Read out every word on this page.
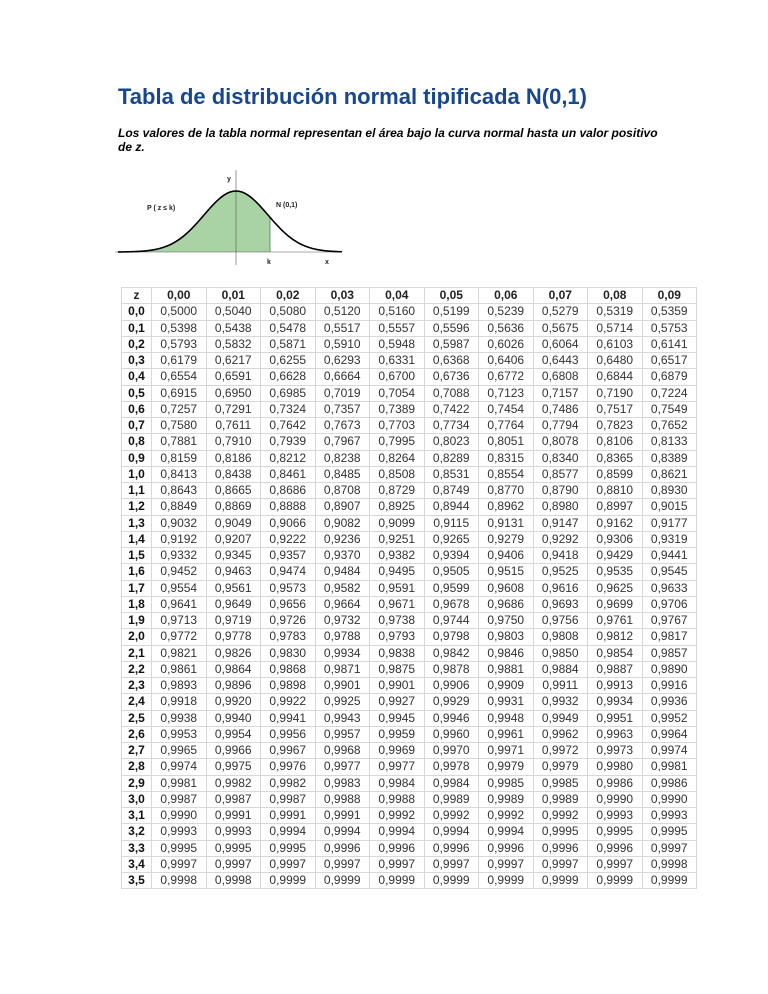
Tabla de distribución normal tipificada N(0,1)
Los valores de la tabla normal representan el área bajo la curva normal hasta un valor positivo de z.
y
P ( z ≤ k)	N (0,1)
k	x
z	0,00	0,01	0,02	0,03	0,04	0,05	0,06	0,07	0,08	0,09
0,0	0,5000	0,5040	0,5080	0,5120	0,5160	0,5199	0,5239	0,5279	0,5319	0,5359
0,1	0,5398	0,5438	0,5478	0,5517	0,5557	0,5596	0,5636	0,5675	0,5714	0,5753
0,2	0,5793	0,5832	0,5871	0,5910	0,5948	0,5987	0,6026	0,6064	0,6103	0,6141
0,3	0,6179	0,6217	0,6255	0,6293	0,6331	0,6368	0,6406	0,6443	0,6480	0,6517
0,4	0,6554	0,6591	0,6628	0,6664	0,6700	0,6736	0,6772	0,6808	0,6844	0,6879
0,5	0,6915	0,6950	0,6985	0,7019	0,7054	0,7088	0,7123	0,7157	0,7190	0,7224
0,6	0,7257	0,7291	0,7324	0,7357	0,7389	0,7422	0,7454	0,7486	0,7517	0,7549
0,7	0,7580	0,7611	0,7642	0,7673	0,7703	0,7734	0,7764	0,7794	0,7823	0,7652
0,8	0,7881	0,7910	0,7939	0,7967	0,7995	0,8023	0,8051	0,8078	0,8106	0,8133
0,9	0,8159	0,8186	0,8212	0,8238	0,8264	0,8289	0,8315	0,8340	0,8365	0,8389
1,0	0,8413	0,8438	0,8461	0,8485	0,8508	0,8531	0,8554	0,8577	0,8599	0,8621
1,1	0,8643	0,8665	0,8686	0,8708	0,8729	0,8749	0,8770	0,8790	0,8810	0,8930
1,2	0,8849	0,8869	0,8888	0,8907	0,8925	0,8944	0,8962	0,8980	0,8997	0,9015
1,3	0,9032	0,9049	0,9066	0,9082	0,9099	0,9115	0,9131	0,9147	0,9162	0,9177
1,4	0,9192	0,9207	0,9222	0,9236	0,9251	0,9265	0,9279	0,9292	0,9306	0,9319
1,5	0,9332	0,9345	0,9357	0,9370	0,9382	0,9394	0,9406	0,9418	0,9429	0,9441
1,6	0,9452	0,9463	0,9474	0,9484	0,9495	0,9505	0,9515	0,9525	0,9535	0,9545
1,7	0,9554	0,9561	0,9573	0,9582	0,9591	0,9599	0,9608	0,9616	0,9625	0,9633
1,8	0,9641	0,9649	0,9656	0,9664	0,9671	0,9678	0,9686	0,9693	0,9699	0,9706
1,9	0,9713	0,9719	0,9726	0,9732	0,9738	0,9744	0,9750	0,9756	0,9761	0,9767
2,0	0,9772	0,9778	0,9783	0,9788	0,9793	0,9798	0,9803	0,9808	0,9812	0,9817
2,1	0,9821	0,9826	0,9830	0,9934	0,9838	0,9842	0,9846	0,9850	0,9854	0,9857
2,2	0,9861	0,9864	0,9868	0,9871	0,9875	0,9878	0,9881	0,9884	0,9887	0,9890
2,3	0,9893	0,9896	0,9898	0,9901	0,9901	0,9906	0,9909	0,9911	0,9913	0,9916
2,4	0,9918	0,9920	0,9922	0,9925	0,9927	0,9929	0,9931	0,9932	0,9934	0,9936
2,5	0,9938	0,9940	0,9941	0,9943	0,9945	0,9946	0,9948	0,9949	0,9951	0,9952
2,6	0,9953	0,9954	0,9956	0,9957	0,9959	0,9960	0,9961	0,9962	0,9963	0,9964
2,7	0,9965	0,9966	0,9967	0,9968	0,9969	0,9970	0,9971	0,9972	0,9973	0,9974
2,8	0,9974	0,9975	0,9976	0,9977	0,9977	0,9978	0,9979	0,9979	0,9980	0,9981
2,9	0,9981	0,9982	0,9982	0,9983	0,9984	0,9984	0,9985	0,9985	0,9986	0,9986
3,0	0,9987	0,9987	0,9987	0,9988	0,9988	0,9989	0,9989	0,9989	0,9990	0,9990
3,1	0,9990	0,9991	0,9991	0,9991	0,9992	0,9992	0,9992	0,9992	0,9993	0,9993
3,2	0,9993	0,9993	0,9994	0,9994	0,9994	0,9994	0,9994	0,9995	0,9995	0,9995
3,3	0,9995	0,9995	0,9995	0,9996	0,9996	0,9996	0,9996	0,9996	0,9996	0,9997
3,4	0,9997	0,9997	0,9997	0,9997	0,9997	0,9997	0,9997	0,9997	0,9997	0,9998
3,5	0,9998	0,9998	0,9999	0,9999	0,9999	0,9999	0,9999	0,9999	0,9999	0,9999
